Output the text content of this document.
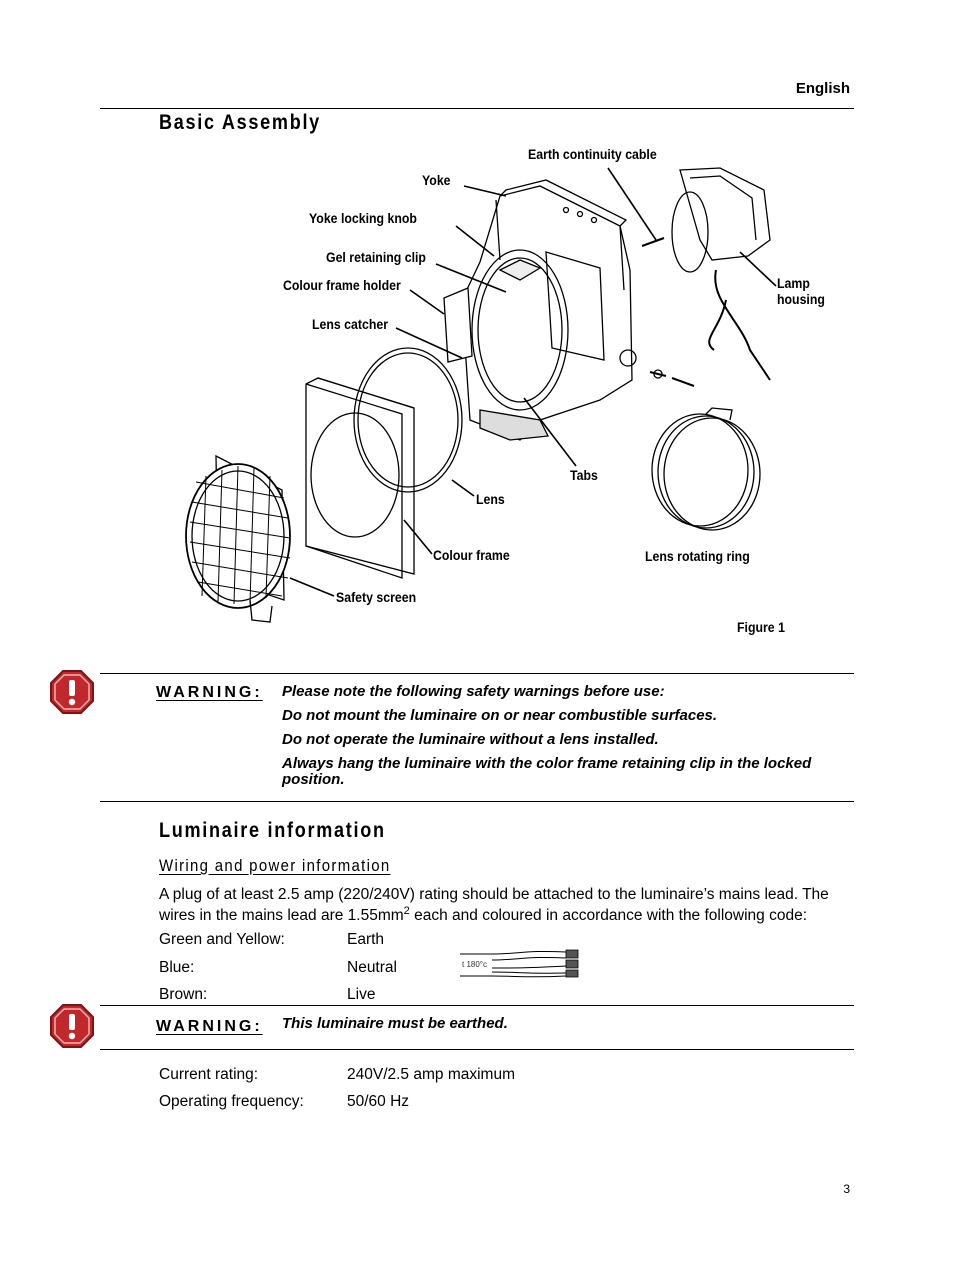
English
Basic Assembly
Earth continuity cable
Yoke
Yoke locking knob
Gel retaining clip
Colour frame holder
Lens catcher
Lamp
housing
Tabs
Lens
Colour frame	Lens rotating ring
Safety screen
Figure 1
WARNING: Please note the following safety warnings before use:
Do not mount the luminaire on or near combustible surfaces.
Do not operate the luminaire without a lens installed.
Always hang the luminaire with the color frame retaining clip in the locked position.
Luminaire information
Wiring and power information
A plug of at least 2.5 amp (220/240V) rating should be attached to the luminaire’s mains lead. The wires in the mains lead are $1.55mm^2$ each and coloured in accordance with the following code:
Green and Yellow:	Earth
Blue:	Neutral
Brown:	Live
t 180°c
WARNING: This luminaire must be earthed.
Current rating:	240V/2.5 amp maximum
Operating frequency:	50/60 Hz
3
